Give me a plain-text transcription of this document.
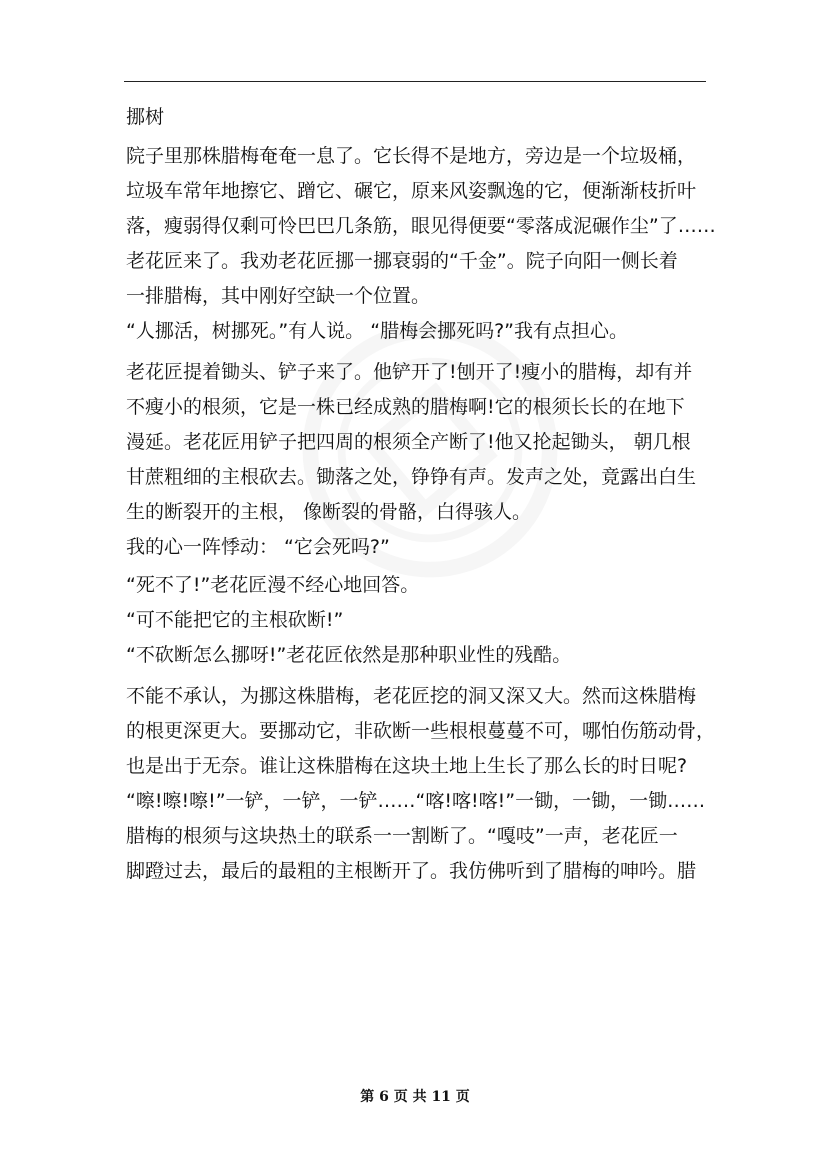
挪树
院子里那株腊梅奄奄一息了。它长得不是地方，旁边是一个垃圾桶，
垃圾车常年地擦它、蹭它、碾它，原来风姿飘逸的它，便渐渐枝折叶
落，瘦弱得仅剩可怜巴巴几条筋，眼见得便要“零落成泥碾作尘”了……
老花匠来了。我劝老花匠挪一挪衰弱的“千金”。院子向阳一侧长着
一排腊梅，其中刚好空缺一个位置。
“人挪活，树挪死。”有人说。 “腊梅会挪死吗?”我有点担心。
老花匠提着锄头、铲子来了。他铲开了!刨开了!瘦小的腊梅，却有并
不瘦小的根须，它是一株已经成熟的腊梅啊!它的根须长长的在地下
漫延。老花匠用铲子把四周的根须全产断了!他又抡起锄头， 朝几根
甘蔗粗细的主根砍去。锄落之处，铮铮有声。发声之处，竟露出白生
生的断裂开的主根， 像断裂的骨骼，白得骇人。
我的心一阵悸动： “它会死吗?”
“死不了!”老花匠漫不经心地回答。
“可不能把它的主根砍断!”
“不砍断怎么挪呀!”老花匠依然是那种职业性的残酷。
不能不承认，为挪这株腊梅，老花匠挖的洞又深又大。然而这株腊梅
的根更深更大。要挪动它，非砍断一些根根蔓蔓不可，哪怕伤筋动骨，
也是出于无奈。谁让这株腊梅在这块土地上生长了那么长的时日呢?
“嚓!嚓!嚓!”一铲，一铲，一铲……“喀!喀!喀!”一锄，一锄，一锄……
腊梅的根须与这块热土的联系一一割断了。“嘎吱”一声，老花匠一
脚蹬过去，最后的最粗的主根断开了。我仿佛听到了腊梅的呻吟。腊
第 6 页 共 11 页
